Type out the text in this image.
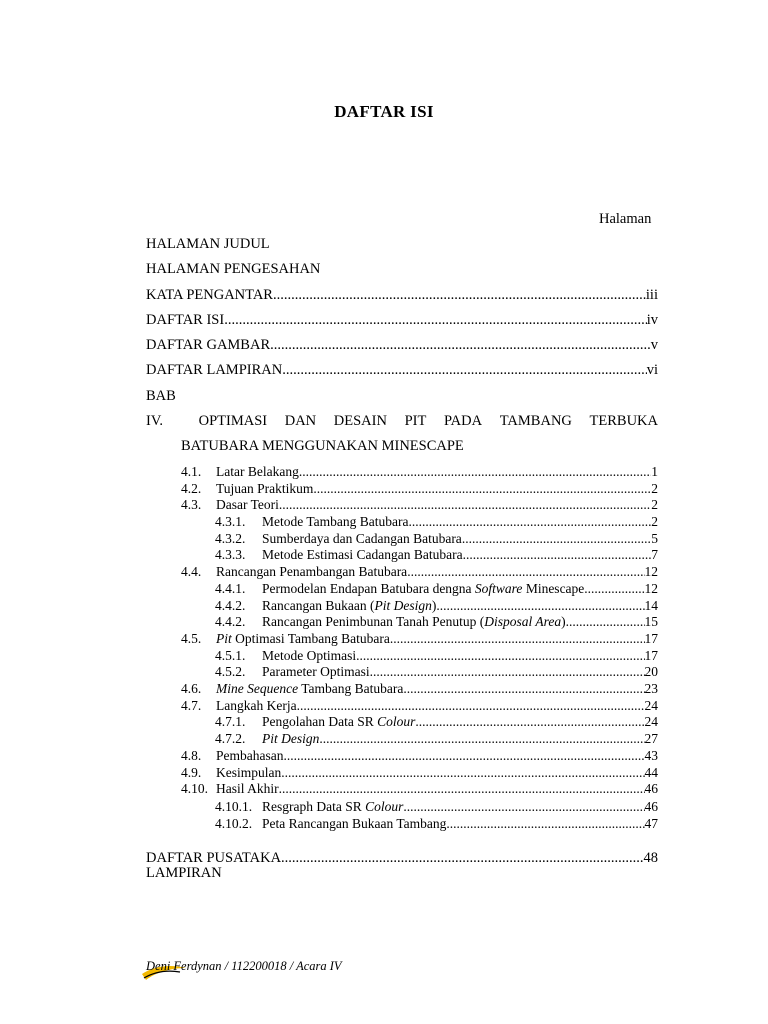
DAFTAR ISI
Halaman
HALAMAN JUDUL
HALAMAN PENGESAHAN
KATA PENGANTAR .....	iii
DAFTAR ISI .....	iv
DAFTAR GAMBAR .....	v
DAFTAR LAMPIRAN .....	vi
BAB
IV.	OPTIMASI DAN DESAIN PIT PADA TAMBANG TERBUKA
BATUBARA MENGGUNAKAN MINESCAPE
4.1.	Latar Belakang .....	1
4.2.	Tujuan Praktikum .....	2
4.3.	Dasar Teori .....	2
4.3.1.	Metode Tambang Batubara .....	2
4.3.2.	Sumberdaya dan Cadangan Batubara .....	5
4.3.3.	Metode Estimasi Cadangan Batubara .....	7
4.4.	Rancangan Penambangan Batubara .....	12
4.4.1.	Permodelan Endapan Batubara dengna Software Minescape. .....	12
4.4.2.	Rancangan Bukaan (Pit Design) .....	14
4.4.2.	Rancangan Penimbunan Tanah Penutup (Disposal Area) .....	15
4.5.	Pit Optimasi Tambang Batubara .....	17
4.5.1.	Metode Optimasi .....	17
4.5.2.	Parameter Optimasi .....	20
4.6.	Mine Sequence Tambang Batubara .....	23
4.7.	Langkah Kerja .....	24
4.7.1.	Pengolahan Data SR Colour .....	24
4.7.2.	Pit Design .....	27
4.8.	Pembahasan .....	43
4.9.	Kesimpulan .....	44
4.10. Hasil Akhir .....	46
4.10.1. Resgraph Data SR Colour .....	46
4.10.2. Peta Rancangan Bukaan Tambang .....	47
DAFTAR PUSATAKA .....	48
LAMPIRAN
Deni Ferdynan / 112200018 / Acara IV
